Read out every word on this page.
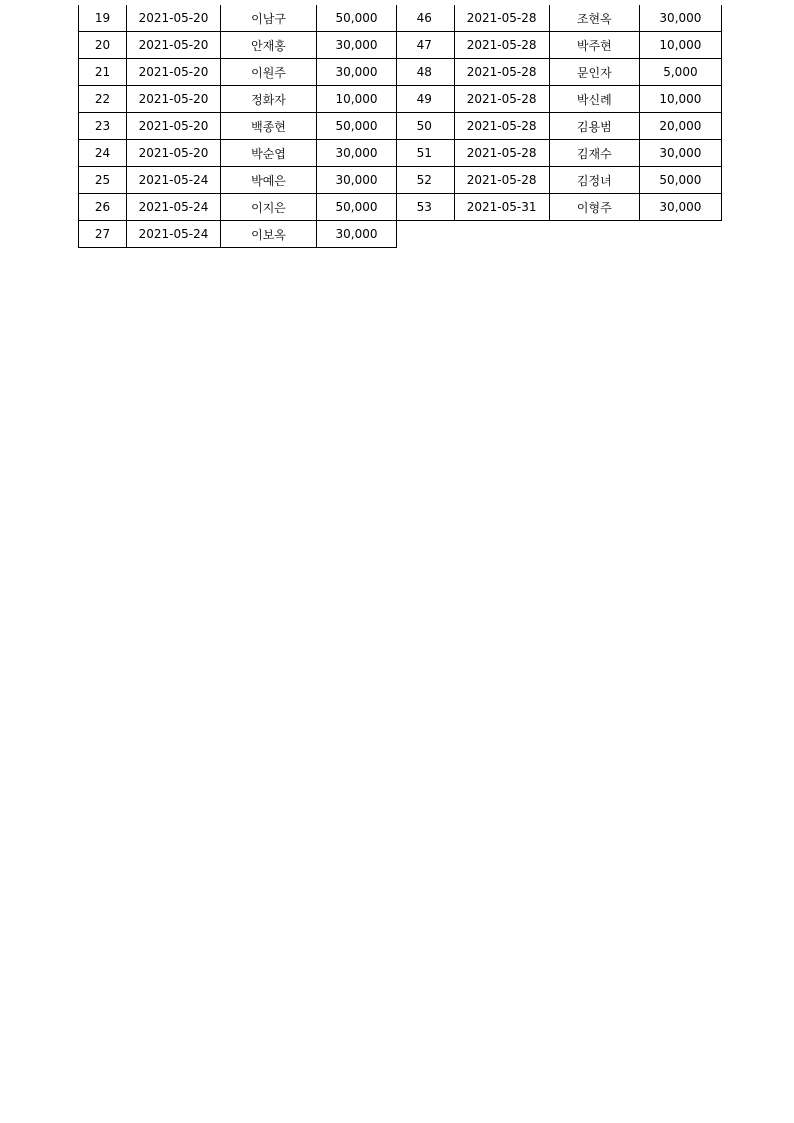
19	2021-05-20	이남구	50,000
20	2021-05-20	안재홍	30,000
21	2021-05-20	이원주	30,000
22	2021-05-20	정화자	10,000
23	2021-05-20	백종현	50,000
24	2021-05-20	박순엽	30,000
25	2021-05-24	박예은	30,000
26	2021-05-24	이지은	50,000
27	2021-05-24	이보옥	30,000
46	2021-05-28	조현옥	30,000
47	2021-05-28	박주현	10,000
48	2021-05-28	문인자	5,000
49	2021-05-28	박신례	10,000
50	2021-05-28	김용범	20,000
51	2021-05-28	김재수	30,000
52	2021-05-28	김정녀	50,000
53	2021-05-31	이형주	30,000
